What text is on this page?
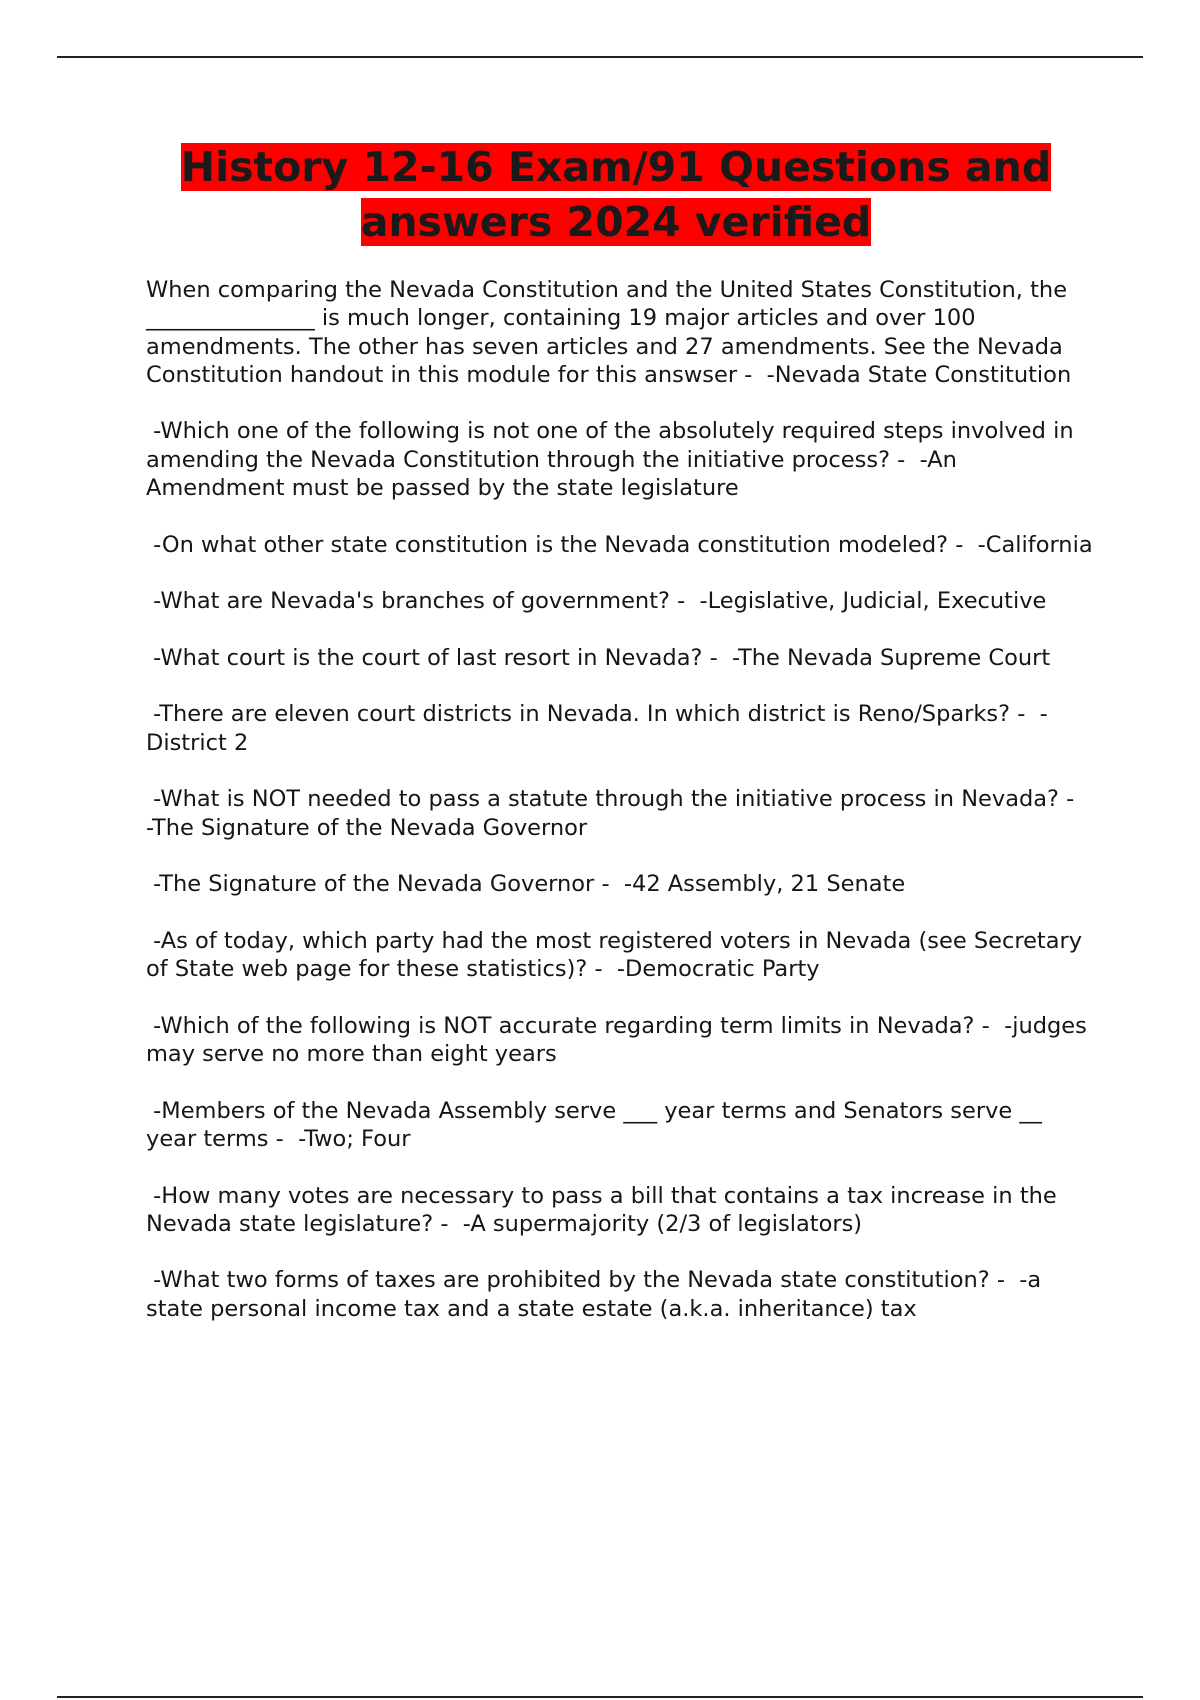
History 12-16 Exam/91 Questions and answers 2024 verified

When comparing the Nevada Constitution and the United States Constitution, the _______________ is much longer, containing 19 major articles and over 100 amendments. The other has seven articles and 27 amendments. See the Nevada Constitution handout in this module for this answser -  -Nevada State Constitution

-Which one of the following is not one of the absolutely required steps involved in amending the Nevada Constitution through the initiative process? -  -An Amendment must be passed by the state legislature

-On what other state constitution is the Nevada constitution modeled? -  -California

-What are Nevada's branches of government? -  -Legislative, Judicial, Executive

-What court is the court of last resort in Nevada? -  -The Nevada Supreme Court

-There are eleven court districts in Nevada. In which district is Reno/Sparks? -  -District 2

-What is NOT needed to pass a statute through the initiative process in Nevada? -  -The Signature of the Nevada Governor

-The Signature of the Nevada Governor -  -42 Assembly, 21 Senate

-As of today, which party had the most registered voters in Nevada (see Secretary of State web page for these statistics)? -  -Democratic Party

-Which of the following is NOT accurate regarding term limits in Nevada? -  -judges may serve no more than eight years

-Members of the Nevada Assembly serve ___ year terms and Senators serve __ year terms -  -Two; Four

-How many votes are necessary to pass a bill that contains a tax increase in the Nevada state legislature? -  -A supermajority (2/3 of legislators)

-What two forms of taxes are prohibited by the Nevada state constitution? -  -a state personal income tax and a state estate (a.k.a. inheritance) tax
